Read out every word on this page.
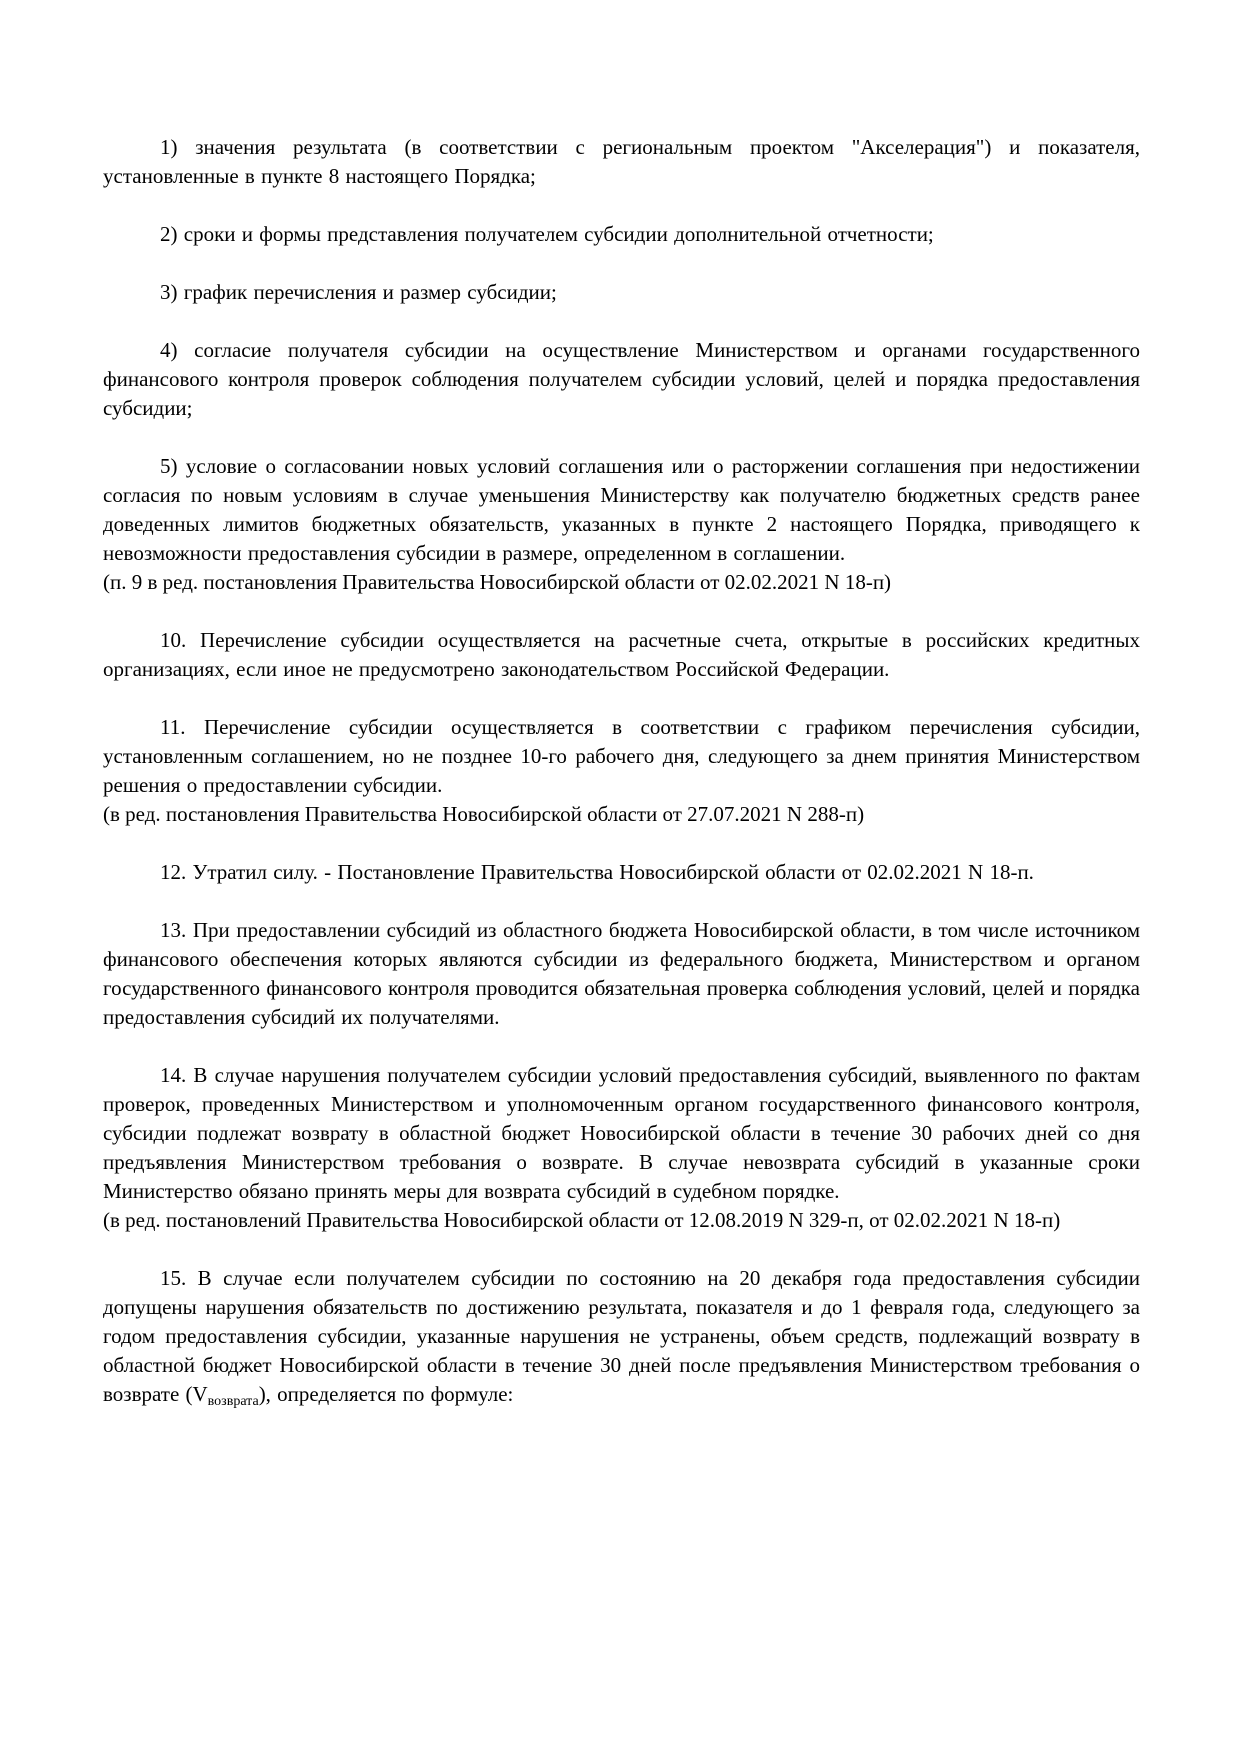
1) значения результата (в соответствии с региональным проектом "Акселерация") и показателя, установленные в пункте 8 настоящего Порядка;

2) сроки и формы представления получателем субсидии дополнительной отчетности;

3) график перечисления и размер субсидии;

4) согласие получателя субсидии на осуществление Министерством и органами государственного финансового контроля проверок соблюдения получателем субсидии условий, целей и порядка предоставления субсидии;

5) условие о согласовании новых условий соглашения или о расторжении соглашения при недостижении согласия по новым условиям в случае уменьшения Министерству как получателю бюджетных средств ранее доведенных лимитов бюджетных обязательств, указанных в пункте 2 настоящего Порядка, приводящего к невозможности предоставления субсидии в размере, определенном в соглашении.

(п. 9 в ред. постановления Правительства Новосибирской области от 02.02.2021 N 18-п)

10. Перечисление субсидии осуществляется на расчетные счета, открытые в российских кредитных организациях, если иное не предусмотрено законодательством Российской Федерации.

11. Перечисление субсидии осуществляется в соответствии с графиком перечисления субсидии, установленным соглашением, но не позднее 10-го рабочего дня, следующего за днем принятия Министерством решения о предоставлении субсидии.

(в ред. постановления Правительства Новосибирской области от 27.07.2021 N 288-п)

12. Утратил силу. - Постановление Правительства Новосибирской области от 02.02.2021 N 18-п.

13. При предоставлении субсидий из областного бюджета Новосибирской области, в том числе источником финансового обеспечения которых являются субсидии из федерального бюджета, Министерством и органом государственного финансового контроля проводится обязательная проверка соблюдения условий, целей и порядка предоставления субсидий их получателями.

14. В случае нарушения получателем субсидии условий предоставления субсидий, выявленного по фактам проверок, проведенных Министерством и уполномоченным органом государственного финансового контроля, субсидии подлежат возврату в областной бюджет Новосибирской области в течение 30 рабочих дней со дня предъявления Министерством требования о возврате. В случае невозврата субсидий в указанные сроки Министерство обязано принять меры для возврата субсидий в судебном порядке.

(в ред. постановлений Правительства Новосибирской области от 12.08.2019 N 329-п, от 02.02.2021 N 18-п)

15. В случае если получателем субсидии по состоянию на 20 декабря года предоставления субсидии допущены нарушения обязательств по достижению результата, показателя и до 1 февраля года, следующего за годом предоставления субсидии, указанные нарушения не устранены, объем средств, подлежащий возврату в областной бюджет Новосибирской области в течение 30 дней после предъявления Министерством требования о возврате $(V_{возврата})$, определяется по формуле:
